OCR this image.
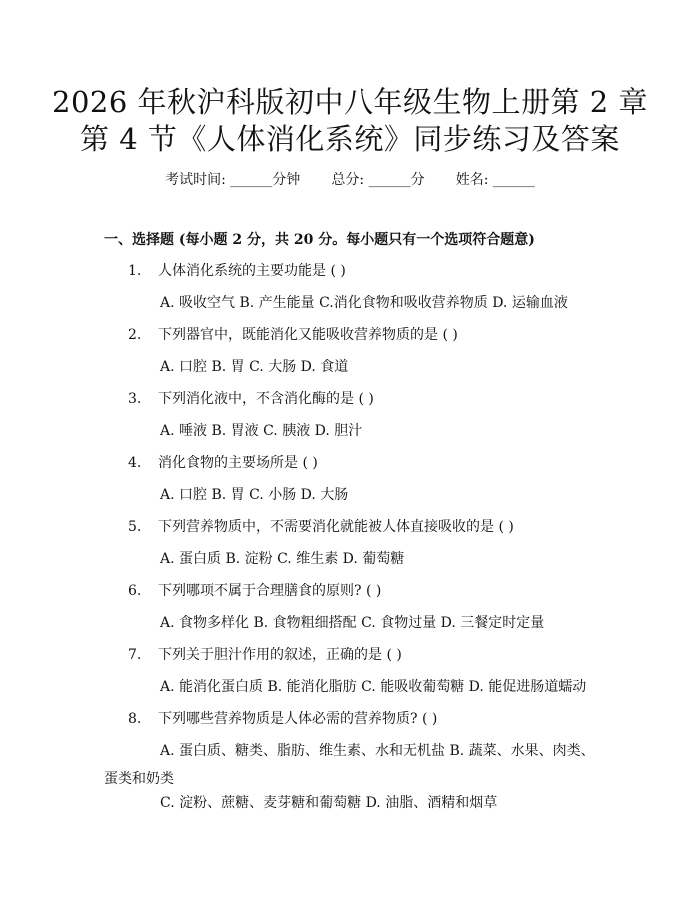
2026 年秋沪科版初中八年级生物上册第 2 章
第 4 节《人体消化系统》同步练习及答案
考试时间: ______分钟 总分: ______分 姓名: ______
一、选择题 (每小题 2 分，共 20 分。每小题只有一个选项符合题意)
1. 人体消化系统的主要功能是 ( )
A. 吸收空气 B. 产生能量 C.消化食物和吸收营养物质 D. 运输血液
2. 下列器官中，既能消化又能吸收营养物质的是 ( )
A. 口腔 B. 胃 C. 大肠 D. 食道
3. 下列消化液中，不含消化酶的是 ( )
A. 唾液 B. 胃液 C. 胰液 D. 胆汁
4. 消化食物的主要场所是 ( )
A. 口腔 B. 胃 C. 小肠 D. 大肠
5. 下列营养物质中，不需要消化就能被人体直接吸收的是 ( )
A. 蛋白质 B. 淀粉 C. 维生素 D. 葡萄糖
6. 下列哪项不属于合理膳食的原则? ( )
A. 食物多样化 B. 食物粗细搭配 C. 食物过量 D. 三餐定时定量
7. 下列关于胆汁作用的叙述，正确的是 ( )
A. 能消化蛋白质 B. 能消化脂肪 C. 能吸收葡萄糖 D. 能促进肠道蠕动
8. 下列哪些营养物质是人体必需的营养物质? ( )
A. 蛋白质、糖类、脂肪、维生素、水和无机盐 B. 蔬菜、水果、肉类、蛋类和奶类
C. 淀粉、蔗糖、麦芽糖和葡萄糖 D. 油脂、酒精和烟草
